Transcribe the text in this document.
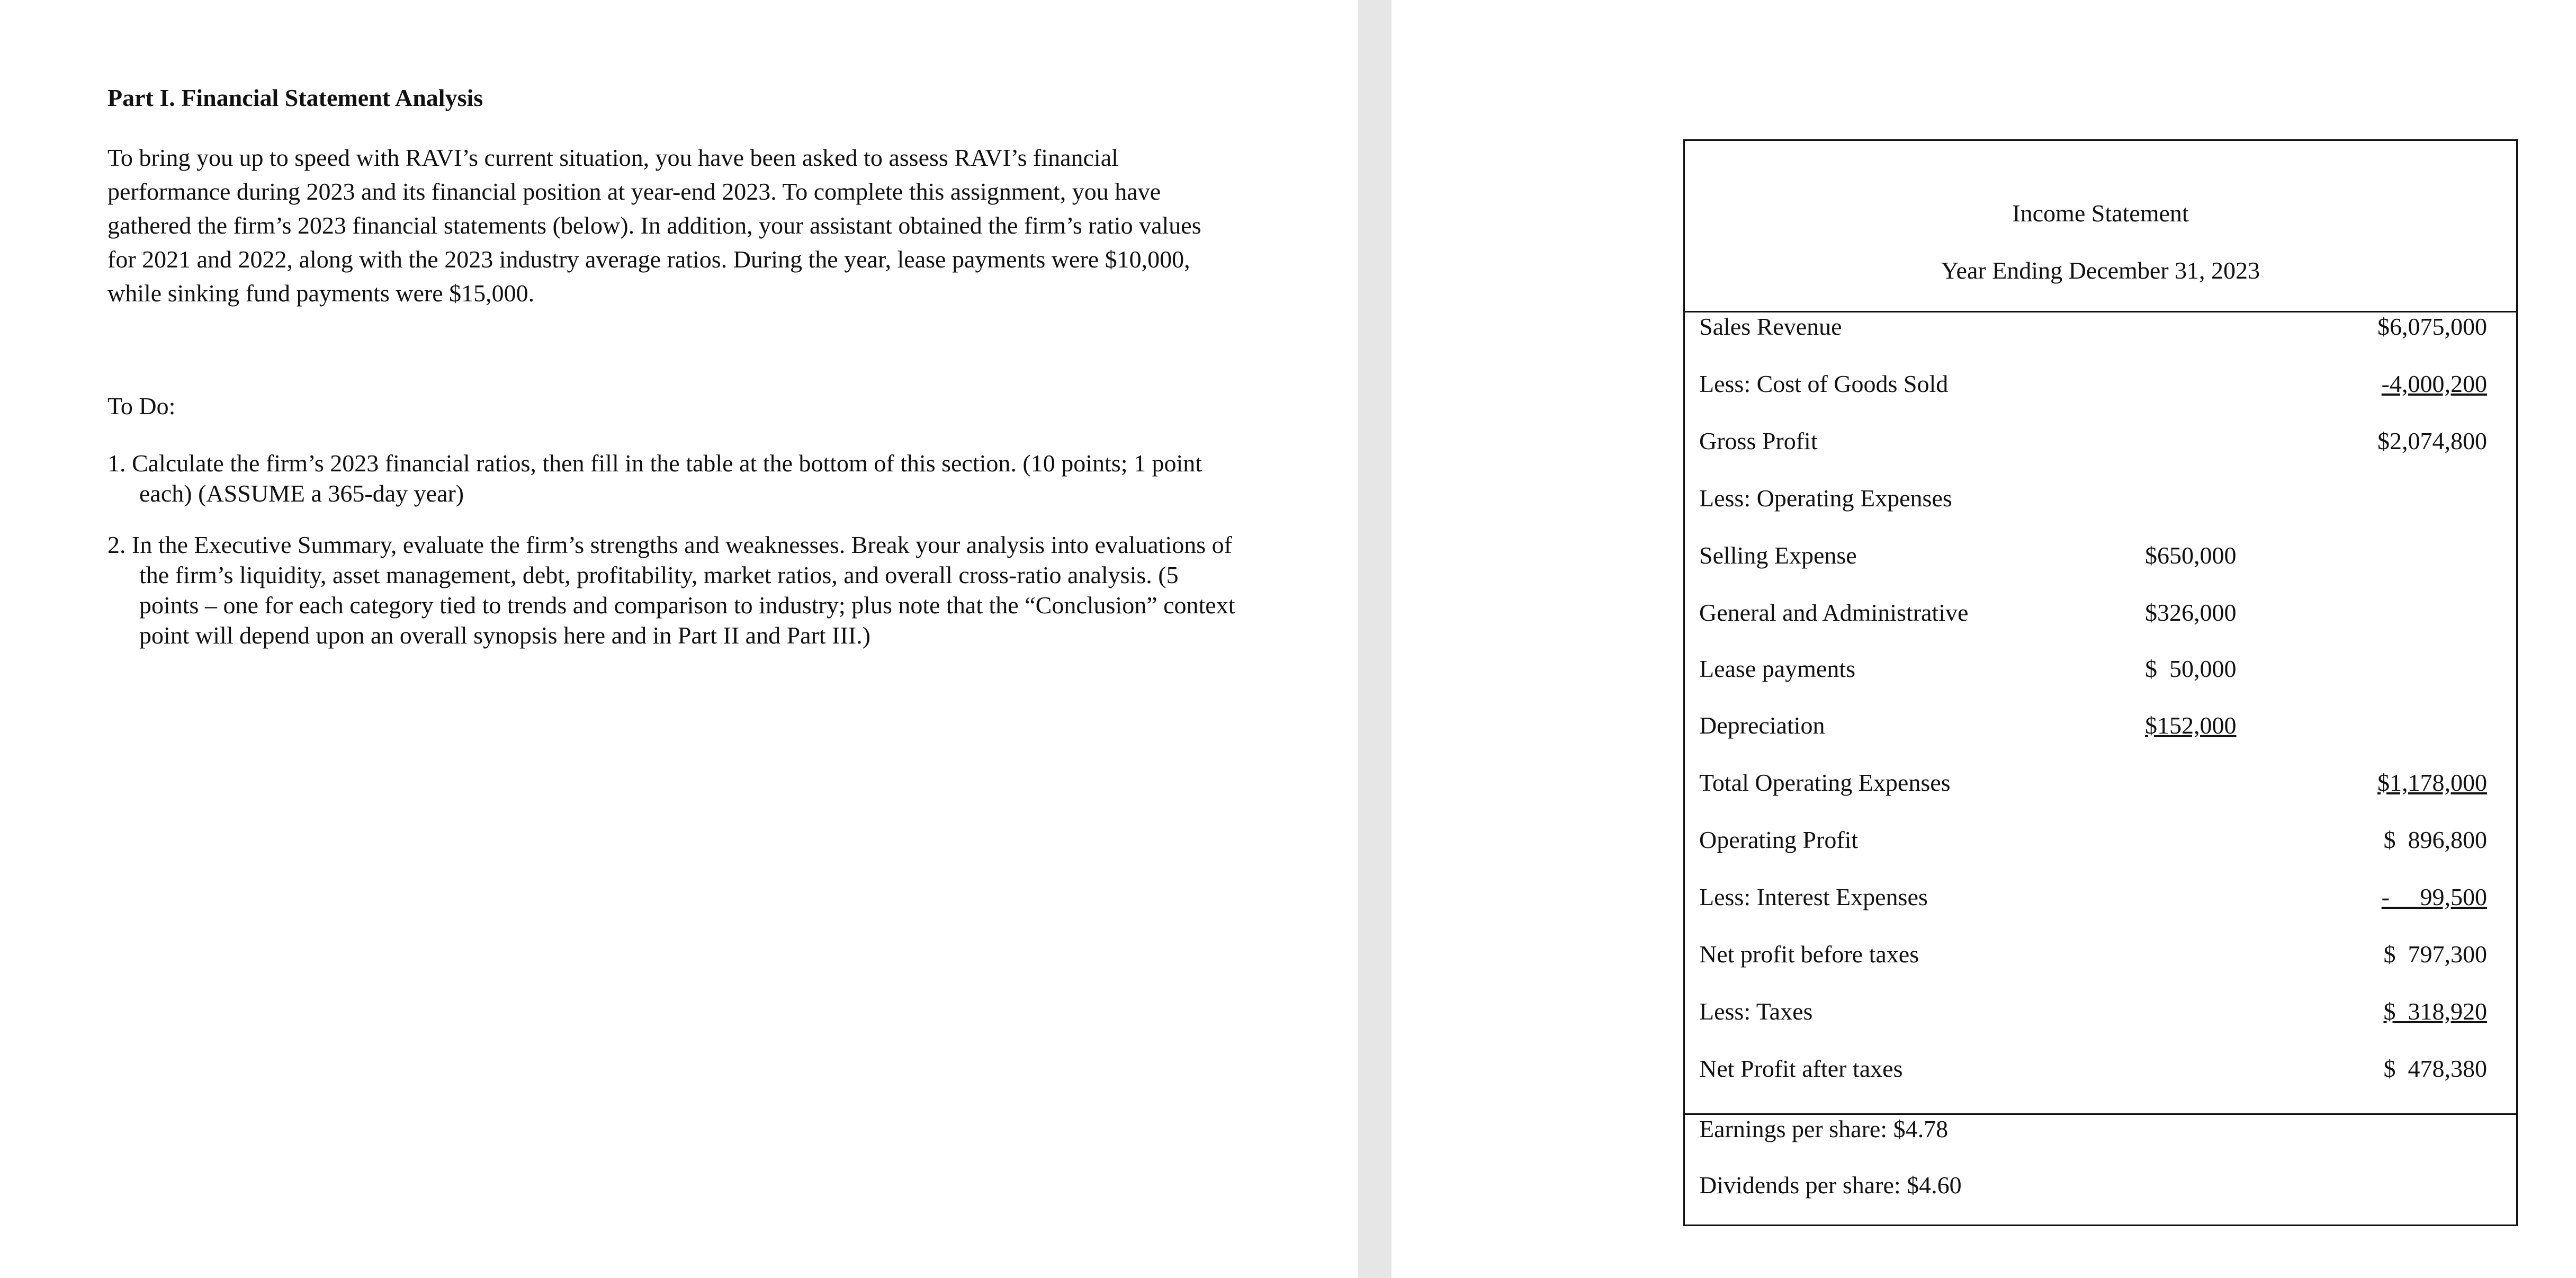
Part I. Financial Statement Analysis

To bring you up to speed with RAVI’s current situation, you have been asked to assess RAVI’s financial performance during 2023 and its financial position at year-end 2023. To complete this assignment, you have gathered the firm’s 2023 financial statements (below). In addition, your assistant obtained the firm’s ratio values for 2021 and 2022, along with the 2023 industry average ratios. During the year, lease payments were $10,000, while sinking fund payments were $15,000.

To Do:

1. Calculate the firm’s 2023 financial ratios, then fill in the table at the bottom of this section. (10 points; 1 point each) (ASSUME a 365-day year)

2. In the Executive Summary, evaluate the firm’s strengths and weaknesses. Break your analysis into evaluations of the firm’s liquidity, asset management, debt, profitability, market ratios, and overall cross-ratio analysis. (5 points – one for each category tied to trends and comparison to industry; plus note that the “Conclusion” context point will depend upon an overall synopsis here and in Part II and Part III.)

Income Statement

Year Ending December 31, 2023

Sales Revenue	$6,075,000
Less: Cost of Goods Sold	-4,000,200
Gross Profit	$2,074,800
Less: Operating Expenses
Selling Expense	$650,000
General and Administrative	$326,000
Lease payments	$  50,000
Depreciation	$152,000
Total Operating Expenses	$1,178,000
Operating Profit	$  896,800
Less: Interest Expenses	-     99,500
Net profit before taxes	$  797,300
Less: Taxes	$  318,920
Net Profit after taxes	$  478,380

Earnings per share: $4.78

Dividends per share: $4.60
